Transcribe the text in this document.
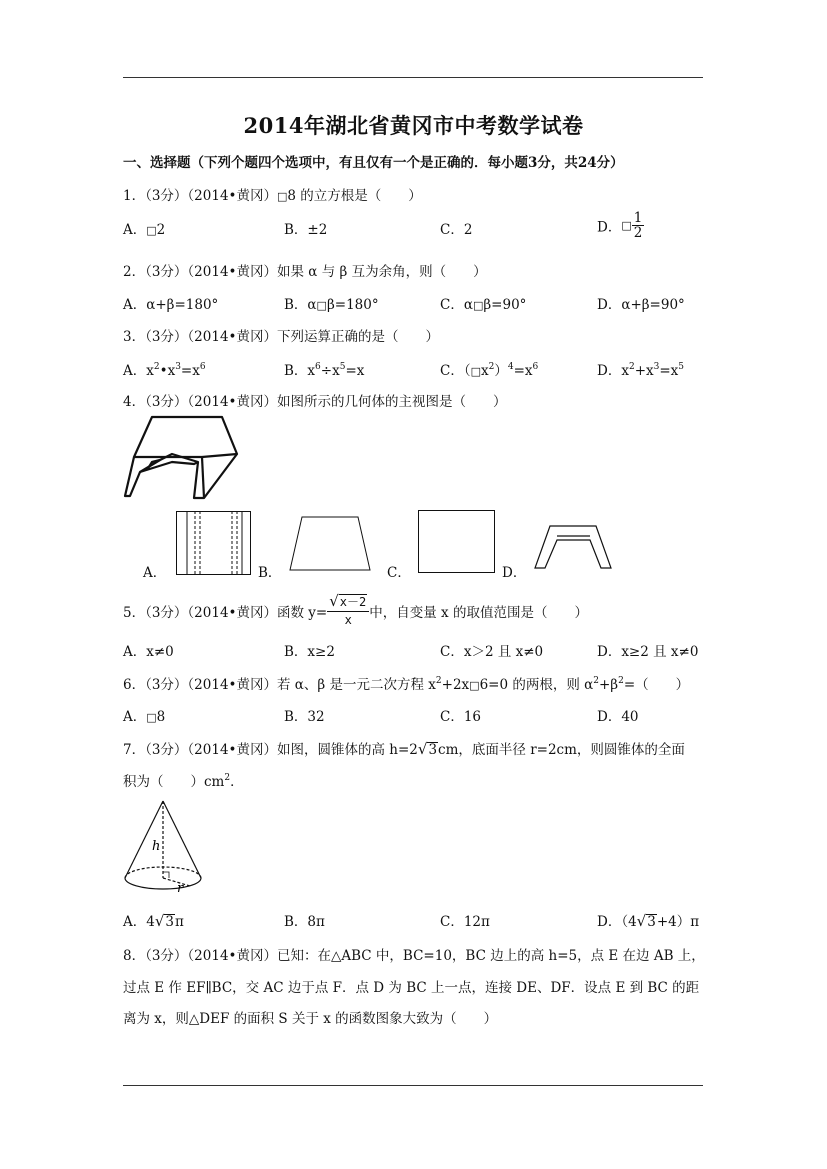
2014年湖北省黄冈市中考数学试卷
一、选择题（下列个题四个选项中，有且仅有一个是正确的．每小题3分，共24分）
1．（3分）（2014•黄冈）□8 的立方根是（　　）
A．□2	B．±2	C．2	D．□ $\frac{1}{2}$
2．（3分）（2014•黄冈）如果 α 与 β 互为余角，则（　　）
A．α+β=180°	B．α□β=180°	C．α□β=90°	D．α+β=90°
3．（3分）（2014•黄冈）下列运算正确的是（　　）
A．$x^2•x^3=x^6$	B．$x^6\div x^5=x$	C．$(□x^2)^4=x^6$	D．$x^2+x^3=x^5$
4．（3分）（2014•黄冈）如图所示的几何体的主视图是（　　）
A．	B．	C．	D．
5．（3分）（2014•黄冈）函数 $y= \frac{√x-2}{x}$ 中，自变量 x 的取值范围是（　　）
A．x≠0	B．x≥2	C．x＞2 且 x≠0	D．x≥2 且 x≠0
6．（3分）（2014•黄冈）若 α、β 是一元二次方程 $x^2+2x□6=0$ 的两根，则 $\alpha^2+\beta^2=$（　　）
A．□8	B．32	C．16	D．40
7．（3分）（2014•黄冈）如图，圆锥体的高 h=2√3cm，底面半径 r=2cm，则圆锥体的全面
积为（　　）$cm^2$．
h
r
A．4√3π	B．8π	C．12π	D．（4√3+4）π
8．（3分）（2014•黄冈）已知：在△ABC 中，BC=10，BC 边上的高 h=5，点 E 在边 AB 上，
过点 E 作 EF∥BC，交 AC 边于点 F．点 D 为 BC 上一点，连接 DE、DF．设点 E 到 BC 的距
离为 x，则△DEF 的面积 S 关于 x 的函数图象大致为（　　）
